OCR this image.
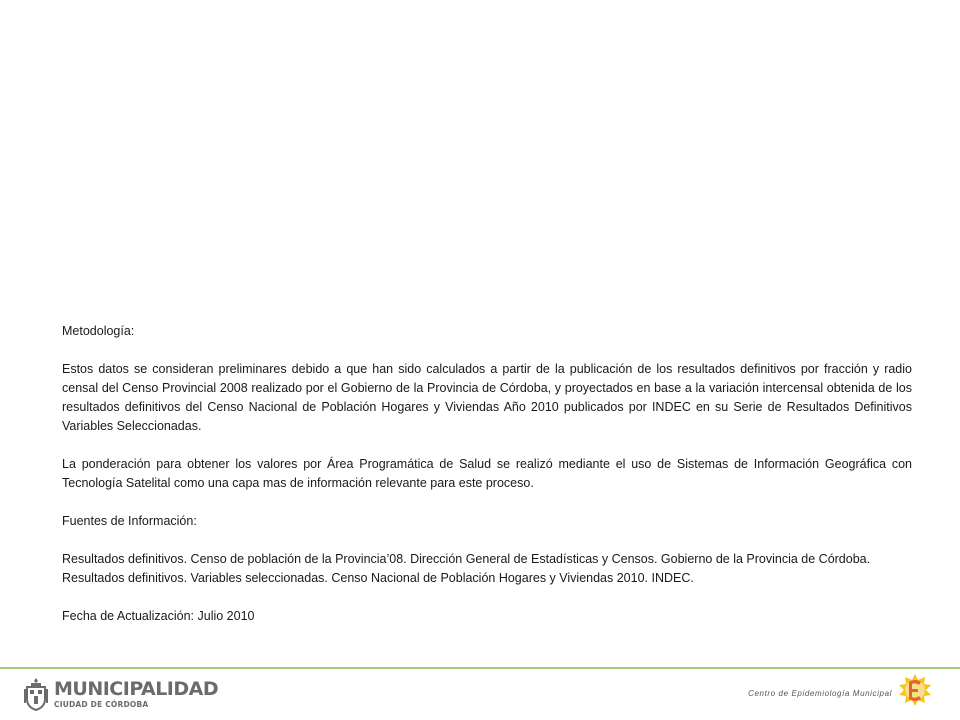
Metodología:

Estos datos se consideran preliminares debido a que han sido calculados a partir de la publicación de los resultados definitivos por fracción y radio censal del Censo Provincial 2008 realizado por el Gobierno de la Provincia de Córdoba, y proyectados en base a la variación intercensal obtenida de los resultados definitivos del Censo Nacional de Población Hogares y Viviendas Año 2010 publicados por INDEC en su Serie de Resultados Definitivos Variables Seleccionadas.

La ponderación para obtener los valores por Área Programática de Salud se realizó mediante el uso de Sistemas de Información Geográfica con Tecnología Satelital como una capa mas de información relevante para este proceso.

Fuentes de Información:

Resultados definitivos. Censo de población de la Provincia’08. Dirección General de Estadísticas y Censos. Gobierno de la Provincia de Córdoba.

Resultados definitivos. Variables seleccionadas. Censo Nacional de Población Hogares y Viviendas 2010. INDEC.

Fecha de Actualización: Julio 2010

MUNICIPALIDAD
CIUDAD DE CÓRDOBA
Centro de Epidemiología Municipal
